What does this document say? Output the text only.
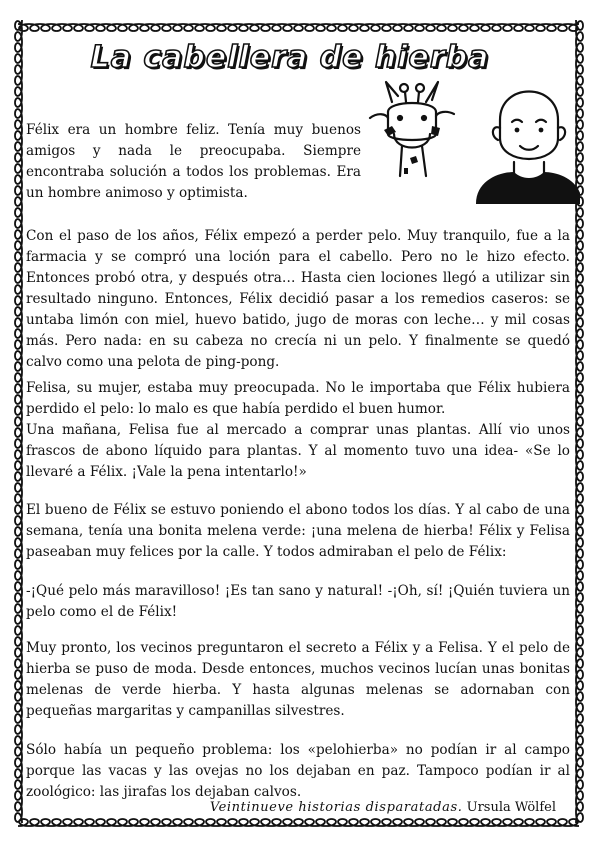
La cabellera de hierba

Félix era un hombre feliz. Tenía muy buenos amigos y nada le preocupaba. Siempre encontraba solución a todos los problemas. Era un hombre animoso y optimista.

Con el paso de los años, Félix empezó a perder pelo. Muy tranquilo, fue a la farmacia y se compró una loción para el cabello. Pero no le hizo efecto. Entonces probó otra, y después otra… Hasta cien lociones llegó a utilizar sin resultado ninguno. Entonces, Félix decidió pasar a los remedios caseros: se untaba limón con miel, huevo batido, jugo de moras con leche… y mil cosas más. Pero nada: en su cabeza no crecía ni un pelo. Y finalmente se quedó calvo como una pelota de ping-pong.

Felisa, su mujer, estaba muy preocupada. No le importaba que Félix hubiera perdido el pelo: lo malo es que había perdido el buen humor.

Una mañana, Felisa fue al mercado a comprar unas plantas. Allí vio unos frascos de abono líquido para plantas. Y al momento tuvo una idea- «Se lo llevaré a Félix. ¡Vale la pena intentarlo!»

El bueno de Félix se estuvo poniendo el abono todos los días. Y al cabo de una semana, tenía una bonita melena verde: ¡una melena de hierba! Félix y Felisa paseaban muy felices por la calle. Y todos admiraban el pelo de Félix:

-¡Qué pelo más maravilloso! ¡Es tan sano y natural! -¡Oh, sí! ¡Quién tuviera un pelo como el de Félix!

Muy pronto, los vecinos preguntaron el secreto a Félix y a Felisa. Y el pelo de hierba se puso de moda. Desde entonces, muchos vecinos lucían unas bonitas melenas de verde hierba. Y hasta algunas melenas se adornaban con pequeñas margaritas y campanillas silvestres.

Sólo había un pequeño problema: los «pelohierba» no podían ir al campo porque las vacas y las ovejas no los dejaban en paz. Tampoco podían ir al zoológico: las jirafas los dejaban calvos.

Veintinueve historias disparatadas. Ursula Wölfel
